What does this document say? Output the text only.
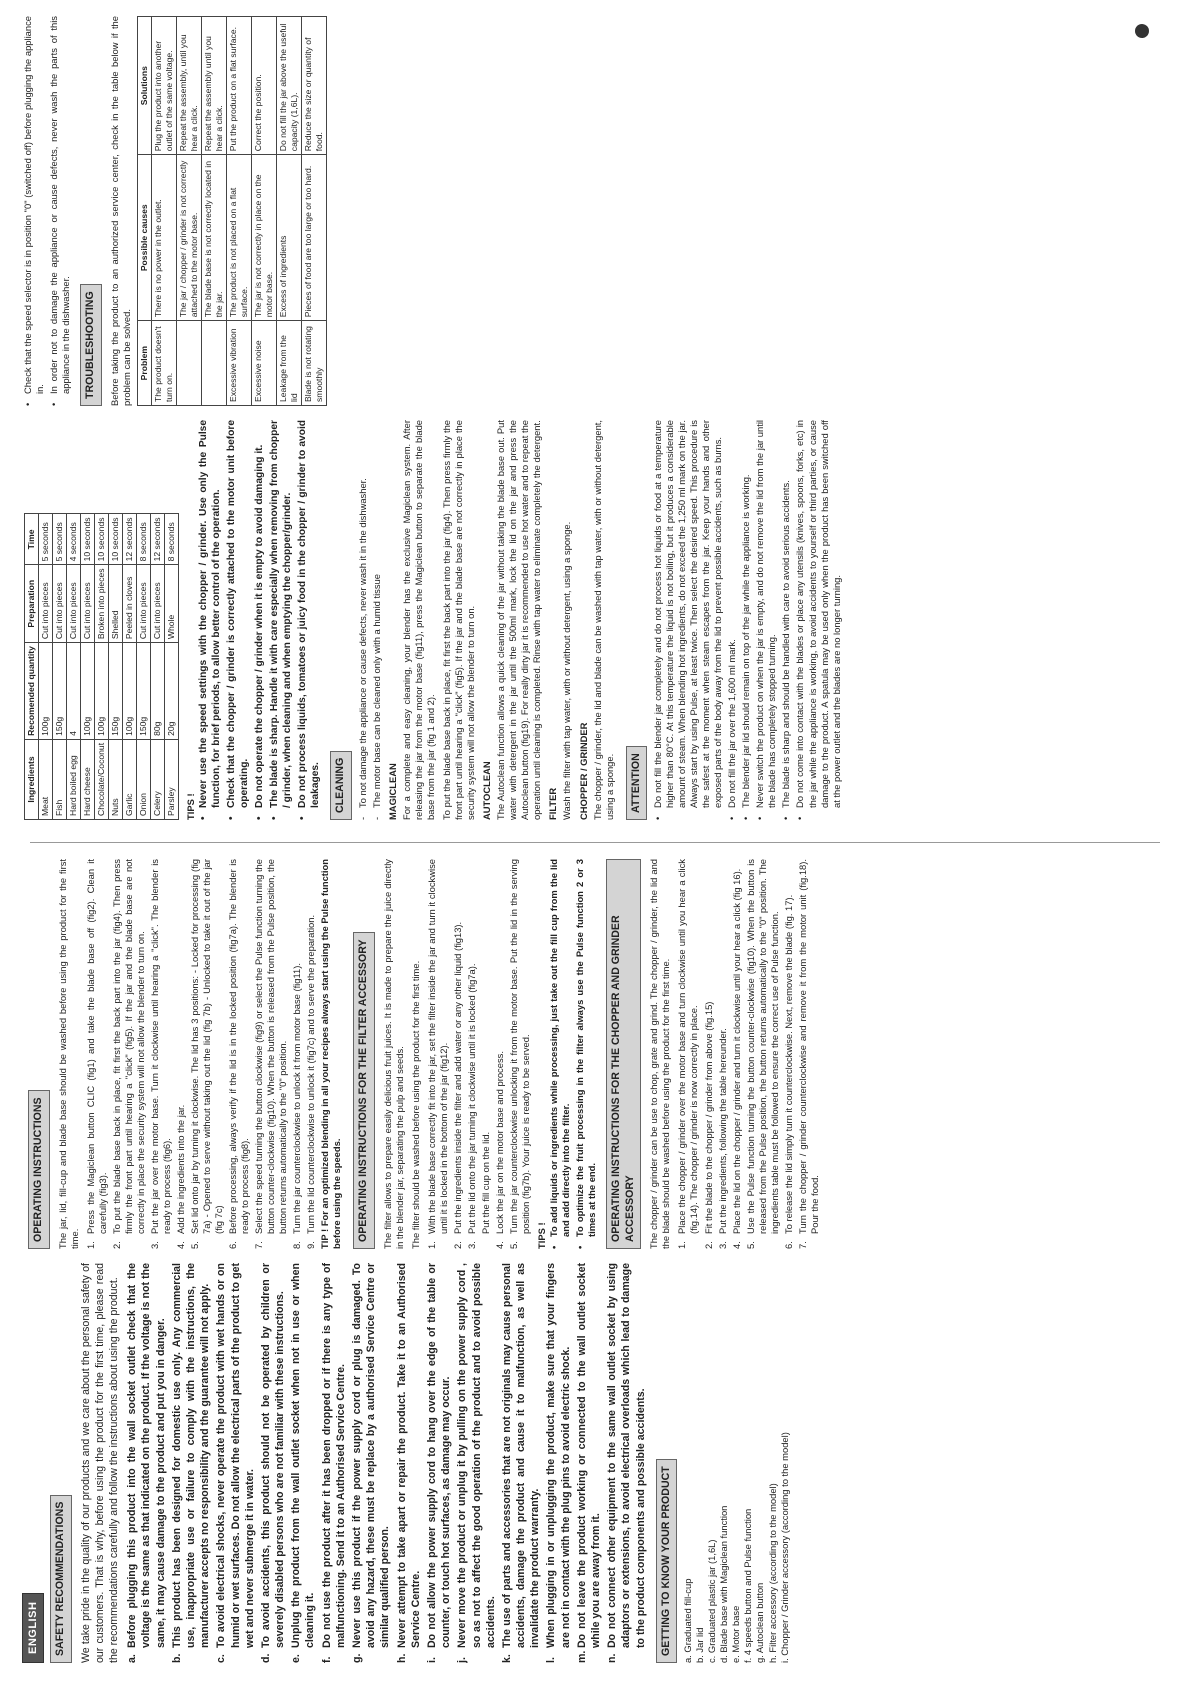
ENGLISH SAFETY RECOMMENDATIONS We take pride in the quality of our products and we care about the personal safety of our customers. That is why, before using the product for the first time, please read the recommendations carefully and follow the instructions about using the product. a.
Before plugging this product into the wall socket outlet check that the voltage is the same as that indicated on the product. If the voltage is not the same, it may cause damage to the product and put you in danger.
b.
This product has been designed for domestic use only. Any commercial use, inappropriate use or failure to comply with the instructions, the manufacturer accepts no responsibility and the guarantee will not apply.
c.
To avoid electrical shocks, never operate the product with wet hands or on humid or wet surfaces. Do not allow the electrical parts of the product to get wet and never submerge it in water.
d.
To avoid accidents, this product should not be operated by children or severely disabled persons who are not familiar with these instructions.
e.
Unplug the product from the wall outlet socket when not in use or when cleaning it.
f.
Do not use the product after it has been dropped or if there is any type of malfunctioning. Send it to an Authorised Service Centre.
g.
Never use this product if the power supply cord or plug is damaged. To avoid any hazard, these must be replace by a authorised Service Centre or similar qualified person.
h.
Never attempt to take apart or repair the product. Take it to an Authorised Service Centre.
i.
Do not allow the power supply cord to hang over the edge of the table or counter, or touch hot surfaces, as damage may occur.
j.
Never move the product or unplug it by pulling on the power supply cord , so as not to affect the good operation of the product and to avoid possible accidents.
k.
The use of parts and accessories that are not originals may cause personal accidents, damage the product and cause it to malfunction, as well as invalidate the product warranty.
l.
When plugging in or unplugging the product, make sure that your fingers are not in contact with the plug pins to avoid electric shock.
m.
Do not leave the product working or connected to the wall outlet socket while you are away from it.
n.
Do not connect other equipment to the same wall outlet socket by using adaptors or extensions, to avoid electrical overloads which lead to damage to the product components and possible accidents. GETTING TO KNOW YOUR PRODUCT a. Graduated fill-cup b. Jar lid c. Graduated plastic jar (1,6L) d. Blade base with Magiclean function e. Motor base f. 4 speeds button and Pulse function g. Autoclean button h. Filter accessory (according to the model) i. Chopper / Grinder accessory (according to the model)
OPERATING INSTRUCTIONS The jar, lid, fill-cup and blade base should be washed before using the product for the first time. 1.
Press the Magiclean button CLIC (fig1) and take the blade base off (fig2). Clean it carefully (fig3).
2.
To put the blade base back in place, fit first the back part into the jar (fig4). Then press firmly the front part until hearing a "click" (fig5). If the jar and the blade base are not correctly in place the security system will not allow the blender to turn on.
3.
Put the jar over the motor base. Turn it clockwise until hearing a "click". The blender is ready to process (fig6).
4.
Add the ingredients into the jar.
5.
Set lid onto jar by turning it clockwise. The lid has 3 positions: - Locked for processing (fig 7a) - Opened to serve without taking out the lid (fig 7b) - Unlocked to take it out of the jar (fig 7c)
6.
Before processing, always verify if the lid is in the locked position (fig7a). The blender is ready to process (fig8).
7.
Select the speed turning the button clockwise (fig9) or select the Pulse function turning the button counter-clockwise (fig10). When the button is released from the Pulse position, the button returns automatically to the "0" position.
8.
Turn the jar counterclockwise to unlock it from motor base (fig11).
9.
Turn the lid counterclockwise to unlock it (fig7c) and to serve the preparation. TIP ! For an optimized blending in all your recipes always start using the Pulse function before using the speeds. OPERATING INSTRUCTIONS FOR THE FILTER ACCESSORY The filter allows to prepare easily delicious fruit juices. It is made to prepare the juice directly in the blender jar, separating the pulp and seeds. The filter should be washed before using the product for the first time. 1.
With the blade base correctly fit into the jar, set the filter inside the jar and turn it clockwise until it is locked in the bottom of the jar (fig12).
2.
Put the ingredients inside the filter and add water or any other liquid (fig13).
3.
Put the lid onto the jar turning it clockwise until it is locked (fig7a). Put the fill cup on the lid.
4.
Lock the jar on the motor base and process.
5.
Turn the jar counterclockwise unlocking it from the motor base. Put the lid in the serving position (fig7b). Your juice is ready to be served.
TIPS ! •
To add liquids or ingredients while processing, just take out the fill cup from the lid and add directly into the filter.
•
To optimize the fruit processing in the filter always use the Pulse function 2 or 3 times at the end. OPERATING INSTRUCTIONS FOR THE CHOPPER AND GRINDER ACCESSORY The chopper / grinder can be use to chop, grate and grind. The chopper / grinder, the lid and the blade should be washed before using the product for the first time. 1.
Place the chopper / grinder over the motor base and turn clockwise until you hear a click (fig.14). The chopper / grinder is now correctly in place.
2.
Fit the blade to the chopper / grinder from above (fig.15)
3.
Put the ingredients, following the table hereunder.
4.
Place the lid on the chopper / grinder and turn it clockwise until your hear a click (fig 16).
5.
Use the Pulse function turning the button counter-clockwise (fig10). When the button is released from the Pulse position, the button returns automatically to the "0" position. The ingredients table must be followed to ensure the correct use of Pulse function.
6.
To release the lid simply turn it counterclockwise. Next, remove the blade (fig. 17).
7.
Turn the chopper / grinder counterclockwise and remove it from the motor unit (fig.18). Pour the food.
Ingredients	Recomended quantity	Preparation	Time
Meat	100g	Cut into pieces	5 seconds
Fish	150g	Cut into pieces	5 seconds
Hard boiled egg	4	Cut into pieces	4 seconds
Hard cheese	100g	Cut into pieces	10 seconds
Chocolate/Coconut	100g	Broken into pieces	10 seconds
Nuts	150g	Shelled	10 seconds
Garlic	100g	Peeled in cloves	12 seconds
Onion	150g	Cut into pieces	8 seconds
Celery	80g	Cut into pieces	12 seconds
Parsley	20g	Whole	8 seconds
TIPS ! •
Never use the speed settings with the chopper / grinder. Use only the Pulse function, for brief periods, to allow better control of the operation.
•
Check that the chopper / grinder is correctly attached to the motor unit before operating.
•
Do not operate the chopper / grinder when it is empty to avoid damaging it.
•
The blade is sharp. Handle it with care especially when removing from chopper / grinder, when cleaning and when emptying the chopper/grinder.
•
Do not process liquids, tomatoes or juicy food in the chopper / grinder to avoid leakages. CLEANING
-
To not damage the appliance or cause defects, never wash it in the dishwasher.
-
The motor base can be cleaned only with a humid tissue MAGICLEAN For a complete and easy cleaning, your blender has the exclusive Magiclean system. After releasing the jar from the motor base (fig11), press the Magiclean button to separate the blade base from the jar (fig 1 and 2). To put the blade base back in place, fit first the back part into the jar (fig4). Then press firmly the front part until hearing a "click" (fig5). If the jar and the blade base are not correctly in place the security system will not allow the blender to turn on. AUTOCLEAN The Autoclean function allows a quick cleaning of the jar without taking the blade base out. Put water with detergent in the jar until the 500ml mark, lock the lid on the jar and press the Autoclean button (fig19). For really dirty jar it is recommended to use hot water and to repeat the operation until cleaning is completed. Rinse with tap water to eliminate completely the detergent. FILTER Wash the filter with tap water, with or without detergent, using a sponge. CHOPPER / GRINDER The chopper / grinder, the lid and blade can be washed with tap water, with or without detergent, using a sponge. ATTENTION
•
Do not fill the blender jar completely and do not process hot liquids or food at a temperature higher than 80°C. At this temperature the liquid is not boiling, but it produces a considerable amount of steam. When blending hot ingredients, do not exceed the 1,250 ml mark on the jar. Always start by using Pulse, at least twice. Then select the desired speed. This procedure is the safest at the moment when steam escapes from the jar. Keep your hands and other exposed parts of the body away from the lid to prevent possible accidents, such as burns.
•
Do not fill the jar over the 1,600 ml mark.
•
The blender jar lid should remain on top of the jar while the appliance is working.
•
Never switch the product on when the jar is empty, and do not remove the lid from the jar until the blade has completely stopped turning.
•
The blade is sharp and should be handled with care to avoid serious accidents.
•
Do not come into contact with the blades or place any utensils (knives, spoons, forks, etc) in the jar while the appliance is working, to avoid accidents to yourself or third parties, or cause damage to the product. A spatula may be used only when the product has been switched off at the power outlet and the blades are no longer turning.
•
Check that the speed selector is in position "0" (switched off) before plugging the appliance in.
•
In order not to damage the appliance or cause defects, never wash the parts of this appliance in the dishwasher. TROUBLESHOOTING Before taking the product to an authorized service center, check in the table below if the problem can be solved. Problem	Possible causes	Solutions
The product doesn't turn on.	There is no power in the outlet.	Plug the product into another outlet of the same voltage.
	The jar / chopper / grinder is not correctly attached to the motor base.	Repeat the assembly, until you hear a click.
	The blade base is not correctly located in the jar.	Repeat the assembly until you hear a click.
Excessive vibration	The product is not placed on a flat surface.	Put the product on a flat surface.
Excessive noise	The jar is not correctly in place on the motor base.	Correct the position.
Leakage from the lid	Excess of ingredients	Do not fill the jar above the useful capacity (1,6L).
Blade is not rotating smoothly	Pieces of food are too large or too hard.	Reduce the size or quantity of food.
